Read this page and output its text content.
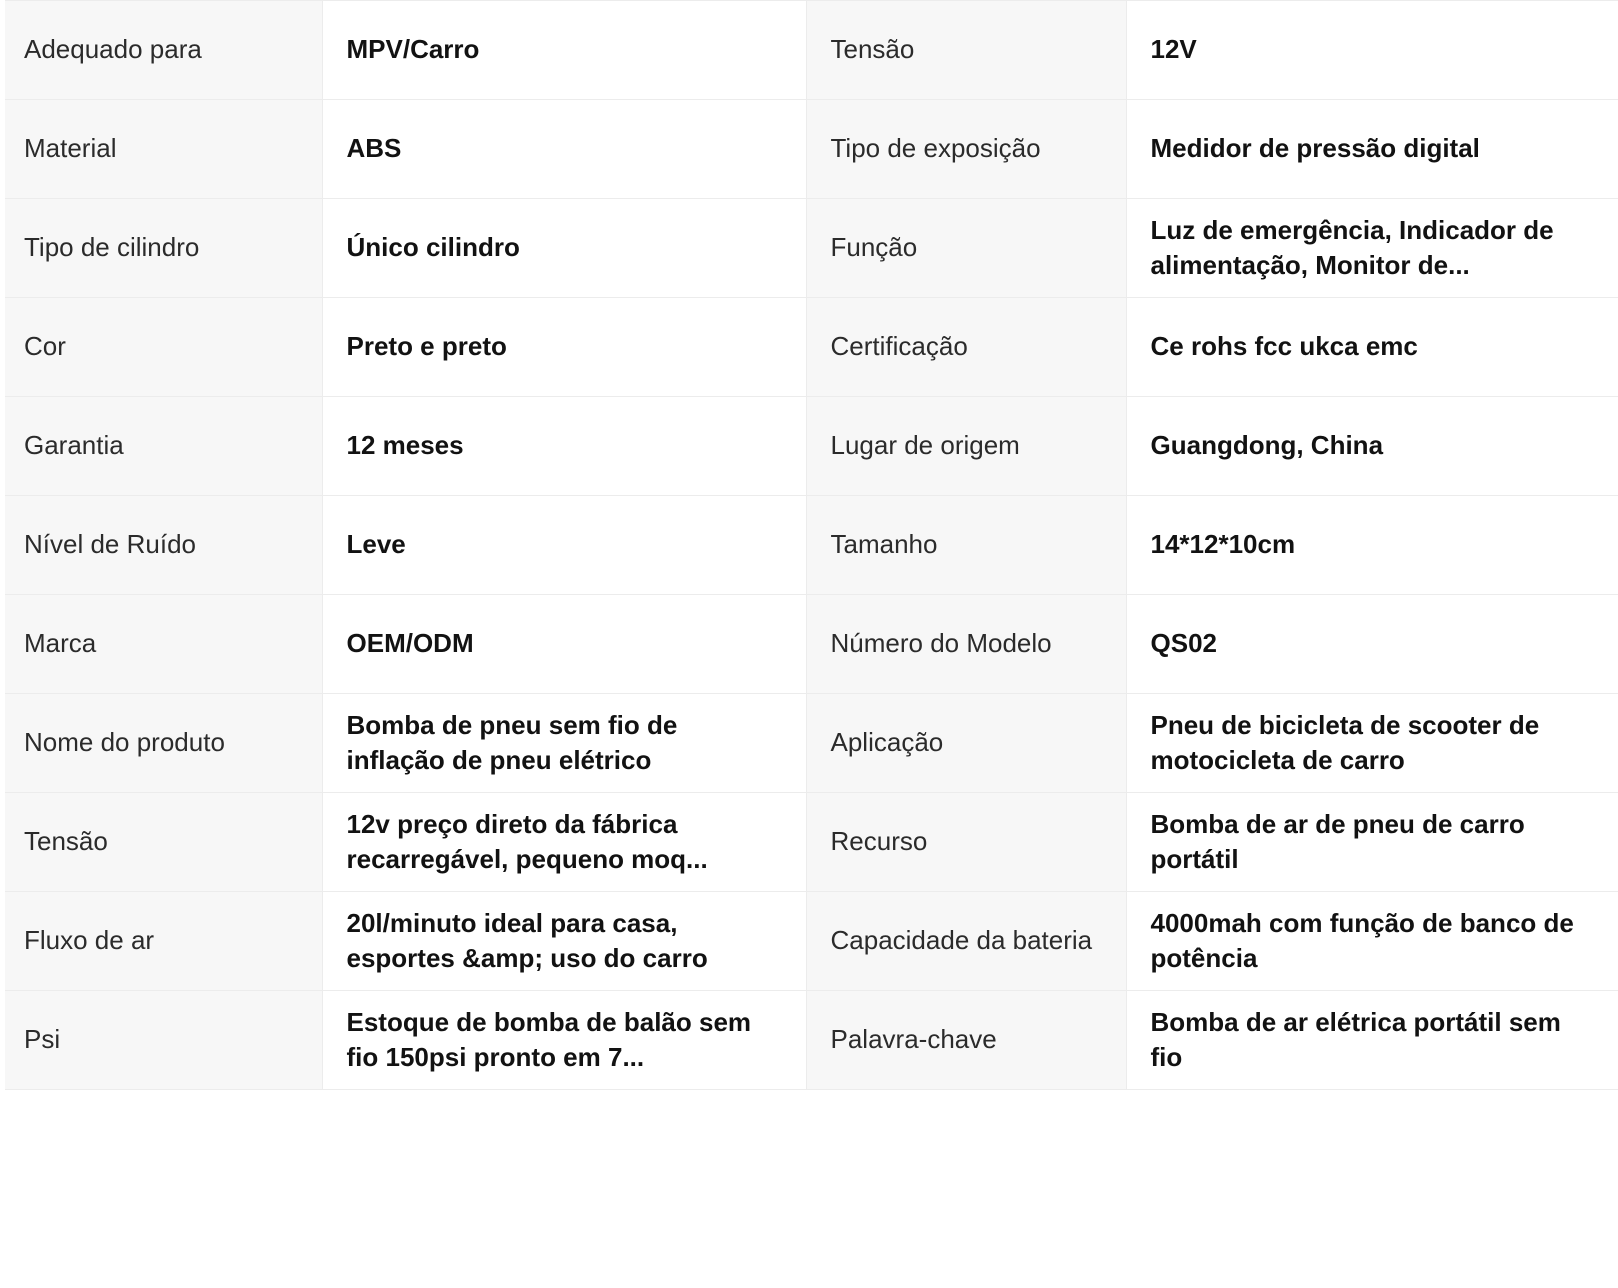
Adequado para	MPV/Carro	Tensão	12V
Material	ABS	Tipo de exposição	Medidor de pressão digital
Tipo de cilindro	Único cilindro	Função	Luz de emergência, Indicador de alimentação, Monitor de...
Cor	Preto e preto	Certificação	Ce rohs fcc ukca emc
Garantia	12 meses	Lugar de origem	Guangdong, China
Nível de Ruído	Leve	Tamanho	14*12*10cm
Marca	OEM/ODM	Número do Modelo	QS02
Nome do produto	Bomba de pneu sem fio de inflação de pneu elétrico	Aplicação	Pneu de bicicleta de scooter de motocicleta de carro
Tensão	12v preço direto da fábrica recarregável, pequeno moq...	Recurso	Bomba de ar de pneu de carro portátil
Fluxo de ar	20l/minuto ideal para casa, esportes &amp; uso do carro	Capacidade da bateria	4000mah com função de banco de potência
Psi	Estoque de bomba de balão sem fio 150psi pronto em 7...	Palavra-chave	Bomba de ar elétrica portátil sem fio
